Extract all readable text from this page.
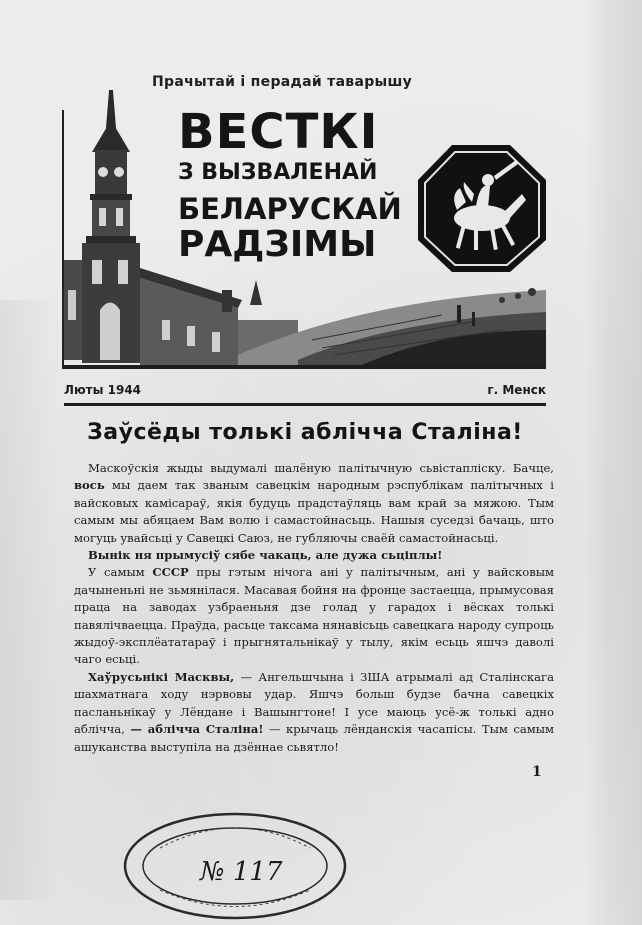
Прачытай і перадай таварышу
ВЕСТКІ
З ВЫЗВАЛЕНАЙ
БЕЛАРУСКАЙ
РАДЗІМЫ
Люты 1944	г. Менск
Заўсёды толькі аблічча Сталіна!

Маскоўскія жыды выдумалі шалёную палітычную сьвістаплiску. Бачце, вось мы даем так званым савецкім народным рэспублікам палітычных і вайсковых камісараў, якія будуць прадстаўляць вам край за мяжою. Тым самым мы абяцаем Вам волю і самастойнасьць. Нашыя суседзі бачаць, што могуць увайсьці у Савецкі Саюз, не губляючы сваёй самастойнасьці.

Вынік ня прымусіў сябе чакаць, але дужа сьціплы!

У самым СССР пры гэтым нічога ані у палітычным, ані у вайсковым дачыненьні не зьмянілася. Масавая бойня на фронце застаецца, прымусовая праца на заводах узбраеньня дзе голад у гарадох і вёсках толькі павялічваецца. Праўда, расьце таксама нянавісьць савецкага народу супроць жыдоў-эксплёататараў і прыгнятальнікаў у тылу, якім есьць яшчэ даволі чаго есьці.

Хаўрусьнікі Масквы, — Ангельшчына і ЗША атрымалі ад Сталінскага шахматнага ходу нэрвовы удар. Яшчэ больш будзе бачна савецкіх пасланьнікаў у Лёндане і Вашынгтоне! І усе маюць усё-ж толькі адно аблічча, — аблічча Сталіна! — крычаць лёнданскія часапісы. Тым самым ашуканства выступіла на дзённае сьвятло!

1
№ 117
